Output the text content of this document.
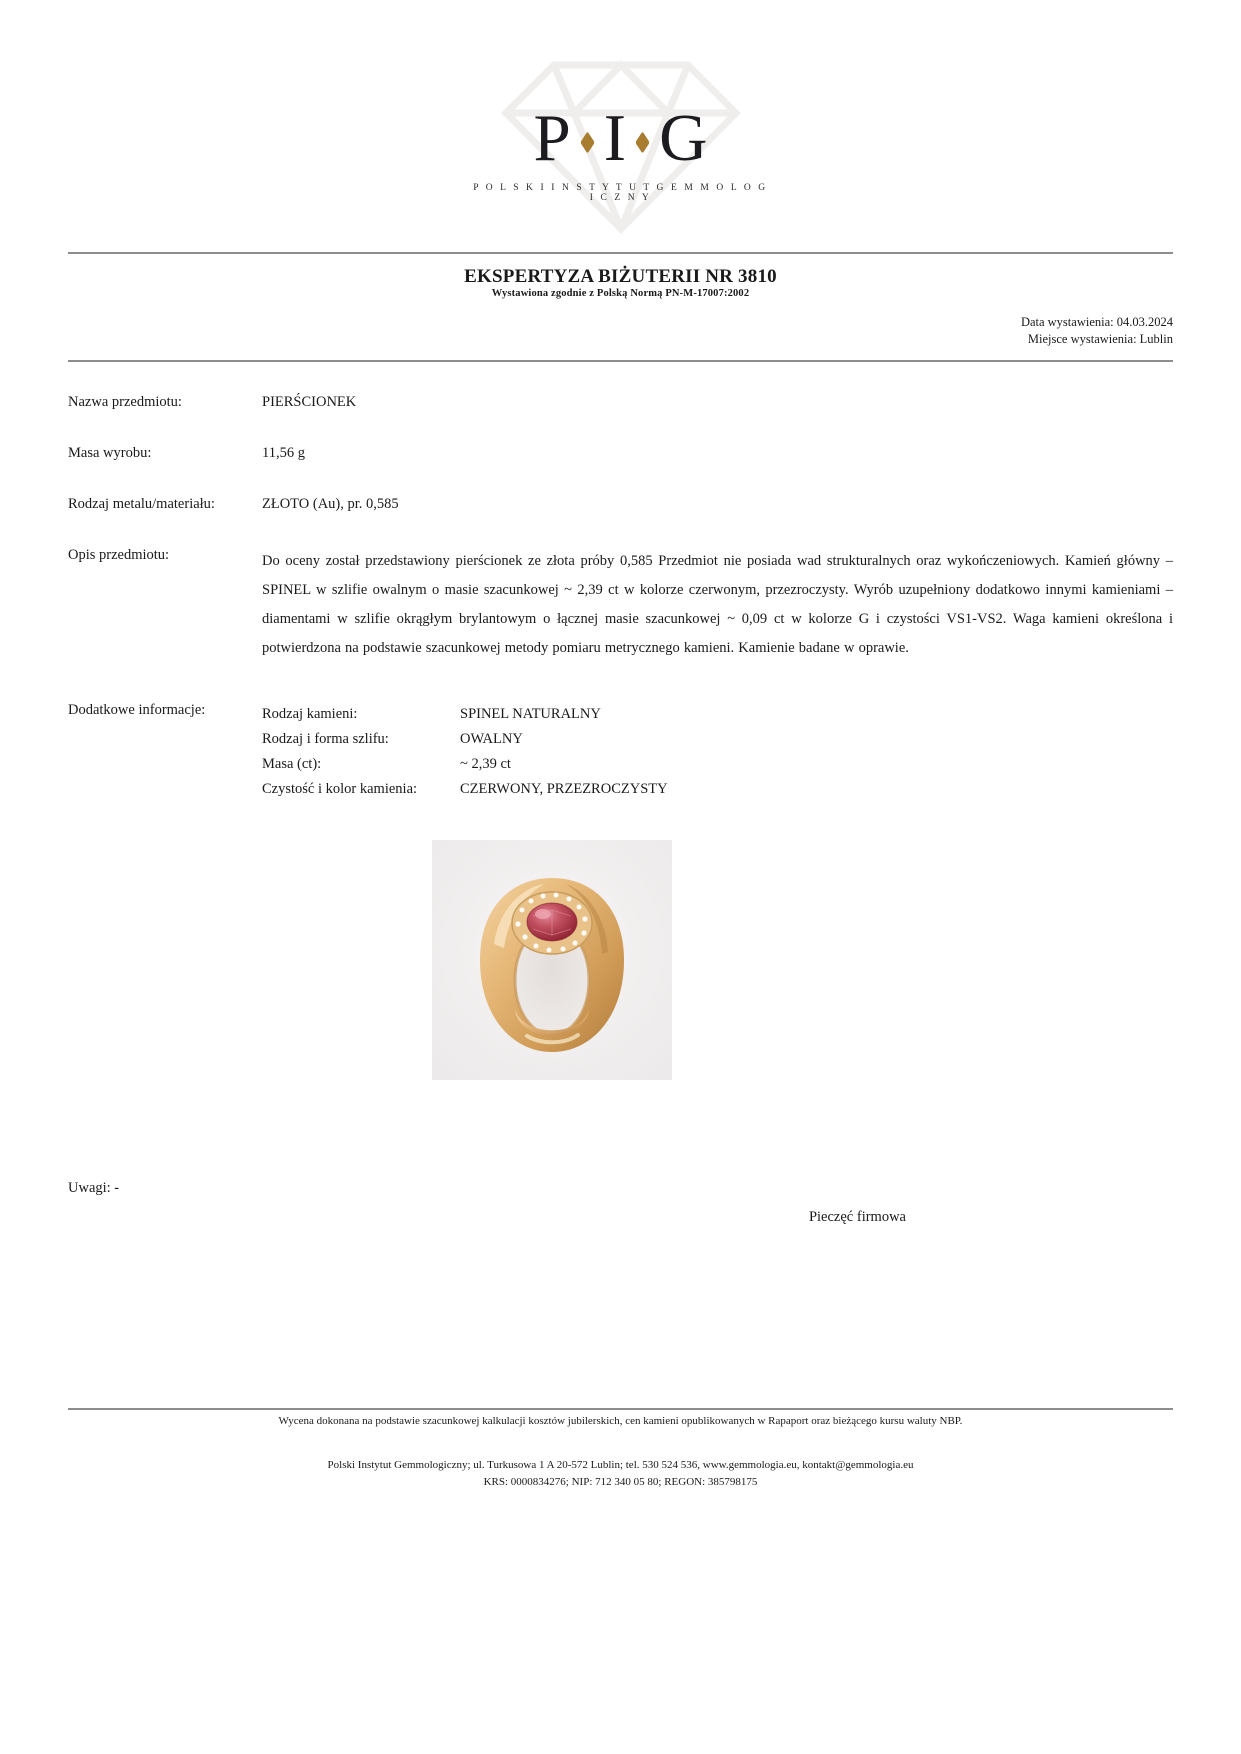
P I G
P O L S K I I N S T Y T U T G E M M O L O G I C Z N Y
EKSPERTYZA BIŻUTERII NR 3810
Wystawiona zgodnie z Polską Normą PN-M-17007:2002
Data wystawienia: 04.03.2024
Miejsce wystawienia: Lublin
Nazwa przedmiotu:	PIERŚCIONEK
Masa wyrobu:	11,56 g
Rodzaj metalu/materiału:	ZŁOTO (Au), pr. 0,585
Opis przedmiotu:	Do oceny został przedstawiony pierścionek ze złota próby 0,585 Przedmiot nie posiada wad strukturalnych oraz wykończeniowych. Kamień główny – SPINEL w szlifie owalnym o masie szacunkowej ~ 2,39 ct w kolorze czerwonym, przezroczysty. Wyrób uzupełniony dodatkowo innymi kamieniami – diamentami w szlifie okrągłym brylantowym o łącznej masie szacunkowej ~ 0,09 ct w kolorze G i czystości VS1-VS2. Waga kamieni określona i potwierdzona na podstawie szacunkowej metody pomiaru metrycznego kamieni. Kamienie badane w oprawie.
Dodatkowe informacje:	Rodzaj kamieni:	SPINEL NATURALNY
Rodzaj i forma szlifu:	OWALNY
Masa (ct):	~ 2,39 ct
Czystość i kolor kamienia:	CZERWONY, PRZEZROCZYSTY
Uwagi: -
Pieczęć firmowa
Wycena dokonana na podstawie szacunkowej kalkulacji kosztów jubilerskich, cen kamieni opublikowanych w Rapaport oraz bieżącego kursu waluty NBP.
Polski Instytut Gemmologiczny; ul. Turkusowa 1 A 20-572 Lublin; tel. 530 524 536, www.gemmologia.eu, kontakt@gemmologia.eu
KRS: 0000834276; NIP: 712 340 05 80; REGON: 385798175
